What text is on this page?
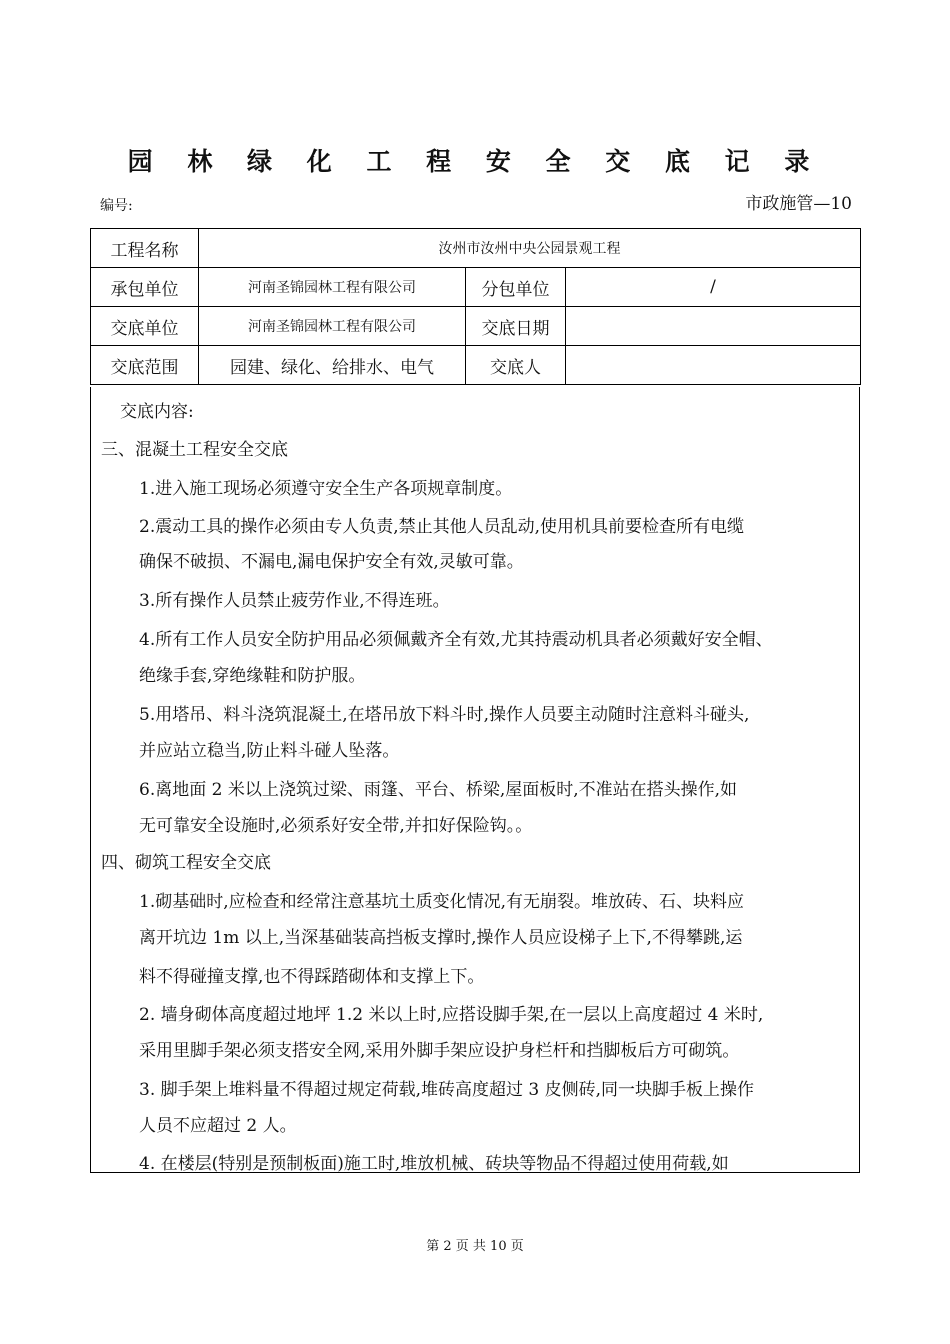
园 林 绿 化 工 程 安 全 交 底 记 录
编号:	市政施管—10
工程名称	汝州市汝州中央公园景观工程		
承包单位	河南圣锦园林工程有限公司	分包单位	/
交底单位	河南圣锦园林工程有限公司	交底日期	
交底范围	园建、绿化、给排水、电气	交底人	
交底内容:
三、混凝土工程安全交底
1.进入施工现场必须遵守安全生产各项规章制度。
2.震动工具的操作必须由专人负责,禁止其他人员乱动,使用机具前要检查所有电缆
确保不破损、不漏电,漏电保护安全有效,灵敏可靠。
3.所有操作人员禁止疲劳作业,不得连班。
4.所有工作人员安全防护用品必须佩戴齐全有效,尤其持震动机具者必须戴好安全帽、
绝缘手套,穿绝缘鞋和防护服。
5.用塔吊、料斗浇筑混凝土,在塔吊放下料斗时,操作人员要主动随时注意料斗碰头,
并应站立稳当,防止料斗碰人坠落。
6.离地面 2 米以上浇筑过梁、雨篷、平台、桥梁,屋面板时,不准站在搭头操作,如
无可靠安全设施时,必须系好安全带,并扣好保险钩。。
四、砌筑工程安全交底
1.砌基础时,应检查和经常注意基坑土质变化情况,有无崩裂。堆放砖、石、块料应
离开坑边 1m 以上,当深基础装高挡板支撑时,操作人员应设梯子上下,不得攀跳,运
料不得碰撞支撑,也不得踩踏砌体和支撑上下。
2. 墙身砌体高度超过地坪 1.2 米以上时,应搭设脚手架,在一层以上高度超过 4 米时,
采用里脚手架必须支搭安全网,采用外脚手架应设护身栏杆和挡脚板后方可砌筑。
3. 脚手架上堆料量不得超过规定荷载,堆砖高度超过 3 皮侧砖,同一块脚手板上操作
人员不应超过 2 人。
4. 在楼层(特别是预制板面)施工时,堆放机械、砖块等物品不得超过使用荷载,如
第 2 页 共 10 页
